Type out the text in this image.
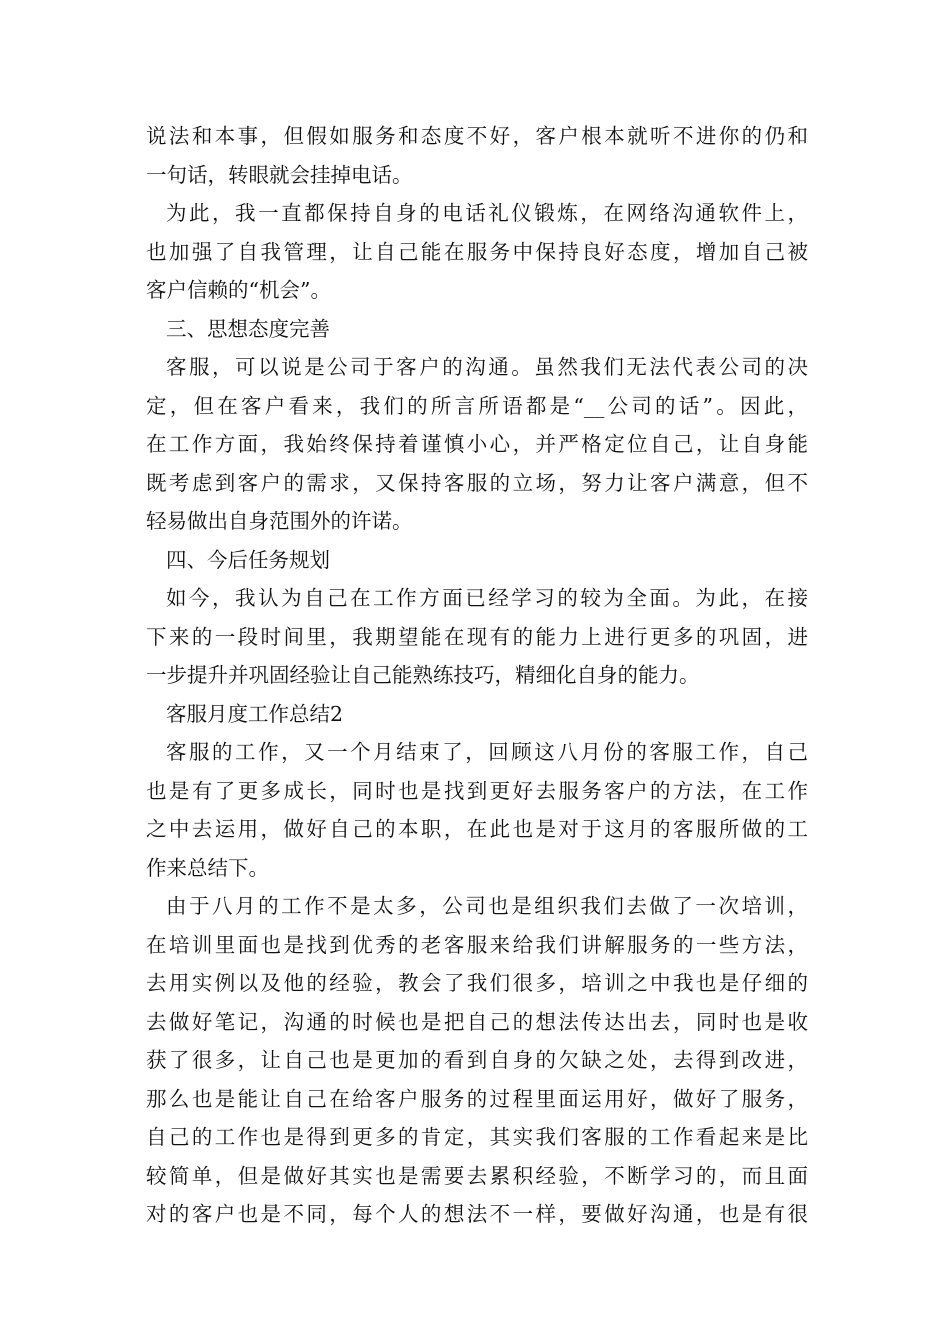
说法和本事，但假如服务和态度不好，客户根本就听不进你的仍和
一句话，转眼就会挂掉电话。
为此，我一直都保持自身的电话礼仪锻炼，在网络沟通软件上，
也加强了自我管理，让自己能在服务中保持良好态度，增加自己被
客户信赖的“机会”。
三、思想态度完善
客服，可以说是公司于客户的沟通。虽然我们无法代表公司的决
定，但在客户看来，我们的所言所语都是“__公司的话”。因此，
在工作方面，我始终保持着谨慎小心，并严格定位自己，让自身能
既考虑到客户的需求，又保持客服的立场，努力让客户满意，但不
轻易做出自身范围外的许诺。
四、今后任务规划
如今，我认为自己在工作方面已经学习的较为全面。为此，在接
下来的一段时间里，我期望能在现有的能力上进行更多的巩固，进
一步提升并巩固经验让自己能熟练技巧，精细化自身的能力。
客服月度工作总结2
客服的工作，又一个月结束了，回顾这八月份的客服工作，自己
也是有了更多成长，同时也是找到更好去服务客户的方法，在工作
之中去运用，做好自己的本职，在此也是对于这月的客服所做的工
作来总结下。
由于八月的工作不是太多，公司也是组织我们去做了一次培训，
在培训里面也是找到优秀的老客服来给我们讲解服务的一些方法，
去用实例以及他的经验，教会了我们很多，培训之中我也是仔细的
去做好笔记，沟通的时候也是把自己的想法传达出去，同时也是收
获了很多，让自己也是更加的看到自身的欠缺之处，去得到改进，
那么也是能让自己在给客户服务的过程里面运用好，做好了服务，
自己的工作也是得到更多的肯定，其实我们客服的工作看起来是比
较简单，但是做好其实也是需要去累积经验，不断学习的，而且面
对的客户也是不同，每个人的想法不一样，要做好沟通，也是有很
